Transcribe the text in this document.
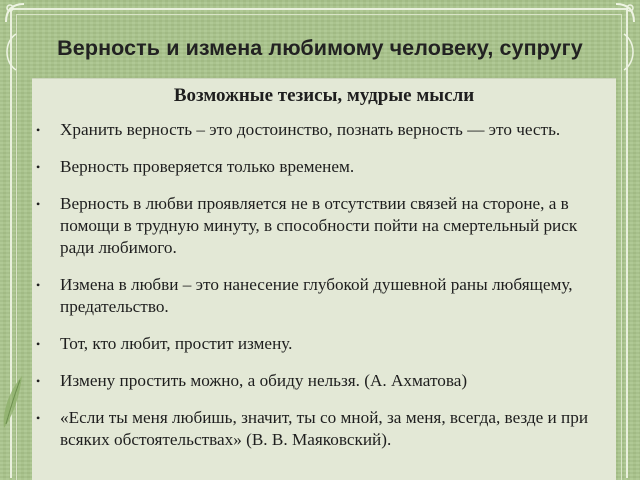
Верность и измена любимому человеку, супругу
Возможные тезисы, мудрые мысли
• Хранить верность – это достоинство, познать верность — это честь.
• Верность проверяется только временем.
• Верность в любви проявляется не в отсутствии связей на стороне, а в помощи в трудную минуту, в способности пойти на смертельный риск ради любимого.
• Измена в любви – это нанесение глубокой душевной раны любящему, предательство.
• Тот, кто любит, простит измену.
• Измену простить можно, а обиду нельзя. (А. Ахматова)
• «Если ты меня любишь, значит, ты со мной, за меня, всегда, везде и при всяких обстоятельствах» (В. В. Маяковский).
